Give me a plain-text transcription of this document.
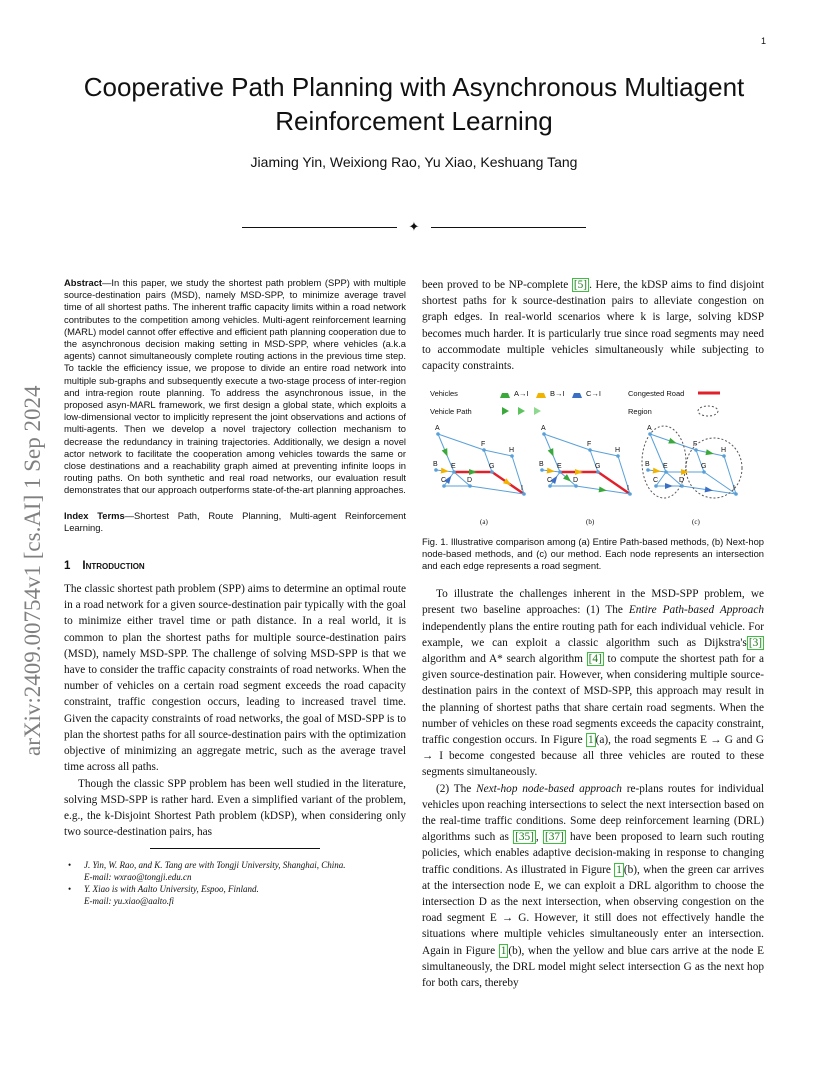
1
arXiv:2409.00754v1 [cs.AI] 1 Sep 2024
Cooperative Path Planning with Asynchronous Multiagent Reinforcement Learning
Jiaming Yin, Weixiong Rao, Yu Xiao, Keshuang Tang
✦

Abstract—In this paper, we study the shortest path problem (SPP) with multiple source-destination pairs (MSD), namely MSD-SPP, to minimize average travel time of all shortest paths. The inherent traffic capacity limits within a road network contributes to the competition among vehicles. Multi-agent reinforcement learning (MARL) model cannot offer effective and efficient path planning cooperation due to the asynchronous decision making setting in MSD-SPP, where vehicles (a.k.a agents) cannot simultaneously complete routing actions in the previous time step. To tackle the efficiency issue, we propose to divide an entire road network into multiple sub-graphs and subsequently execute a two-stage process of inter-region and intra-region route planning. To address the asynchronous issue, in the proposed asyn-MARL framework, we first design a global state, which exploits a low-dimensional vector to implicitly represent the joint observations and actions of multi-agents. Then we develop a novel trajectory collection mechanism to decrease the redundancy in training trajectories. Additionally, we design a novel actor network to facilitate the cooperation among vehicles towards the same or close destinations and a reachability graph aimed at preventing infinite loops in routing paths. On both synthetic and real road networks, our evaluation result demonstrates that our approach outperforms state-of-the-art planning approaches.

Index Terms—Shortest Path, Route Planning, Multi-agent Reinforcement Learning.

1 Introduction

The classic shortest path problem (SPP) aims to determine an optimal route in a road network for a given source-destination pair typically with the goal to minimize either travel time or path distance. In a real world, it is common to plan the shortest paths for multiple source-destination pairs (MSD), namely MSD-SPP. The challenge of solving MSD-SPP is that we have to consider the traffic capacity constraints of road networks. When the number of vehicles on a certain road segment exceeds the road capacity constraint, traffic congestion occurs, leading to increased travel time. Given the capacity constraints of road networks, the goal of MSD-SPP is to plan the shortest paths for all source-destination pairs with the optimization objective of minimizing an aggregate metric, such as the average travel time across all paths.

Though the classic SPP problem has been well studied in the literature, solving MSD-SPP is rather hard. Even a simplified variant of the problem, e.g., the k-Disjoint Shortest Path problem (kDSP), when considering only two source-destination pairs, has

• J. Yin, W. Rao, and K. Tang are with Tongji University, Shanghai, China.
E-mail: wxrao@tongji.edu.cn

• Y. Xiao is with Aalto University, Espoo, Finland.
E-mail: yu.xiao@aalto.fi

been proved to be NP-complete [5] . Here, the kDSP aims to find disjoint shortest paths for k source-destination pairs to alleviate congestion on graph edges. In real-world scenarios where k is large, solving kDSP becomes much harder. It is particularly true since road segments may need to accommodate multiple vehicles simultaneously while subjecting to capacity constraints.

Vehicles	A→I	B→I	C→I	Congested Road
Vehicle Path	Region
A
B
C	D
E
F
G
H
I
A
B
C	D
E
F
G
H
I
A
B
C	D
E
F
G
H
I
(a)	(b)	(c)

Fig. 1. Illustrative comparison among (a) Entire Path-based methods, (b) Next-hop node-based methods, and (c) our method. Each node represents an intersection and each edge represents a road segment.

To illustrate the challenges inherent in the MSD-SPP problem, we present two baseline approaches: (1) The Entire Path-based Approach independently plans the entire routing path for each individual vehicle. For example, we can exploit a classic algorithm such as Dijkstra's [3] algorithm and A* search algorithm [4] to compute the shortest path for a given source-destination pair. However, when considering multiple source-destination pairs in the context of MSD-SPP, this approach may result in the planning of shortest paths that share certain road segments. When the number of vehicles on these road segments exceeds the capacity constraint, traffic congestion occurs. In Figure 1 (a), the road segments E → G and G → I become congested because all three vehicles are routed to these segments simultaneously.

(2) The Next-hop node-based approach re-plans routes for individual vehicles upon reaching intersections to select the next intersection based on the real-time traffic conditions. Some deep reinforcement learning (DRL) algorithms such as [35] , [37] have been proposed to learn such routing policies, which enables adaptive decision-making in response to changing traffic conditions. As illustrated in Figure 1 (b), when the green car arrives at the intersection node E, we can exploit a DRL algorithm to choose the intersection D as the next intersection, when observing congestion on the road segment E → G. However, it still does not effectively handle the situations where multiple vehicles simultaneously enter an intersection. Again in Figure 1 (b), when the yellow and blue cars arrive at the node E simultaneously, the DRL model might select intersection G as the next hop for both cars, thereby
